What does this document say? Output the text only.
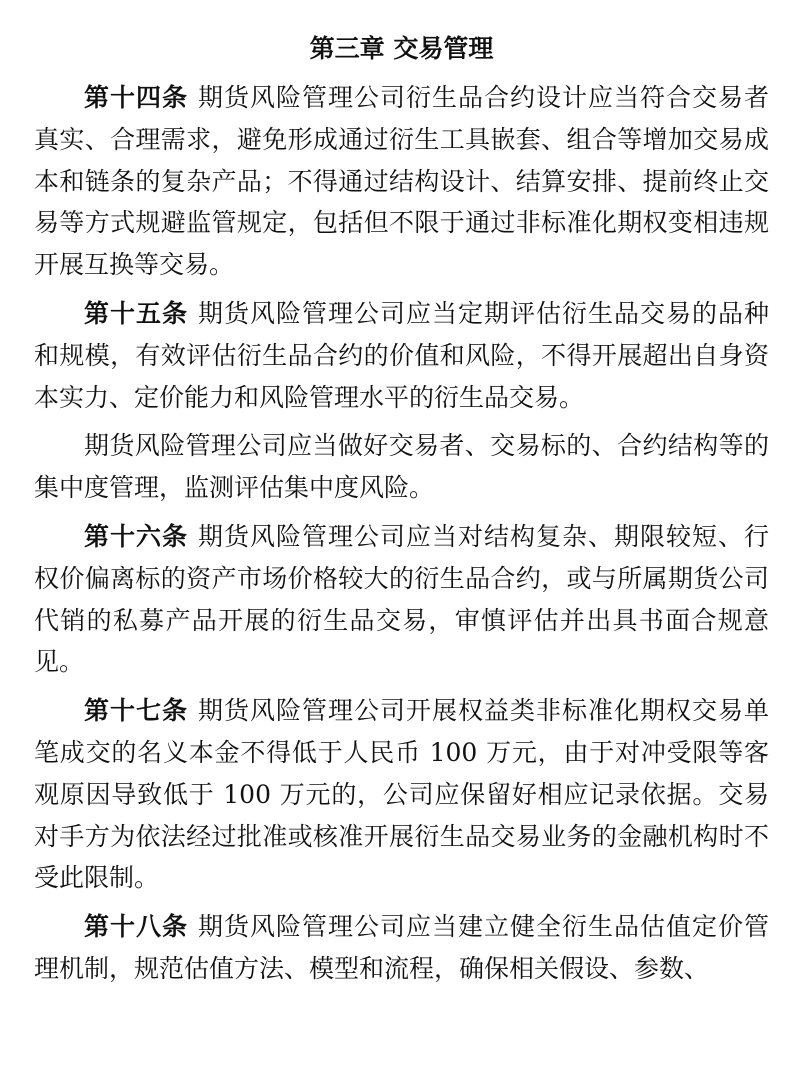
第三章 交易管理

第十四条 期货风险管理公司衍生品合约设计应当符合交易者真实、合理需求，避免形成通过衍生工具嵌套、组合等增加交易成本和链条的复杂产品；不得通过结构设计、结算安排、提前终止交易等方式规避监管规定，包括但不限于通过非标准化期权变相违规开展互换等交易。

第十五条 期货风险管理公司应当定期评估衍生品交易的品种和规模，有效评估衍生品合约的价值和风险，不得开展超出自身资本实力、定价能力和风险管理水平的衍生品交易。

期货风险管理公司应当做好交易者、交易标的、合约结构等的集中度管理，监测评估集中度风险。

第十六条 期货风险管理公司应当对结构复杂、期限较短、行权价偏离标的资产市场价格较大的衍生品合约，或与所属期货公司代销的私募产品开展的衍生品交易，审慎评估并出具书面合规意见。

第十七条 期货风险管理公司开展权益类非标准化期权交易单笔成交的名义本金不得低于人民币 100 万元，由于对冲受限等客观原因导致低于 100 万元的，公司应保留好相应记录依据。交易对手方为依法经过批准或核准开展衍生品交易业务的金融机构时不受此限制。

第十八条 期货风险管理公司应当建立健全衍生品估值定价管理机制，规范估值方法、模型和流程，确保相关假设、参数、
